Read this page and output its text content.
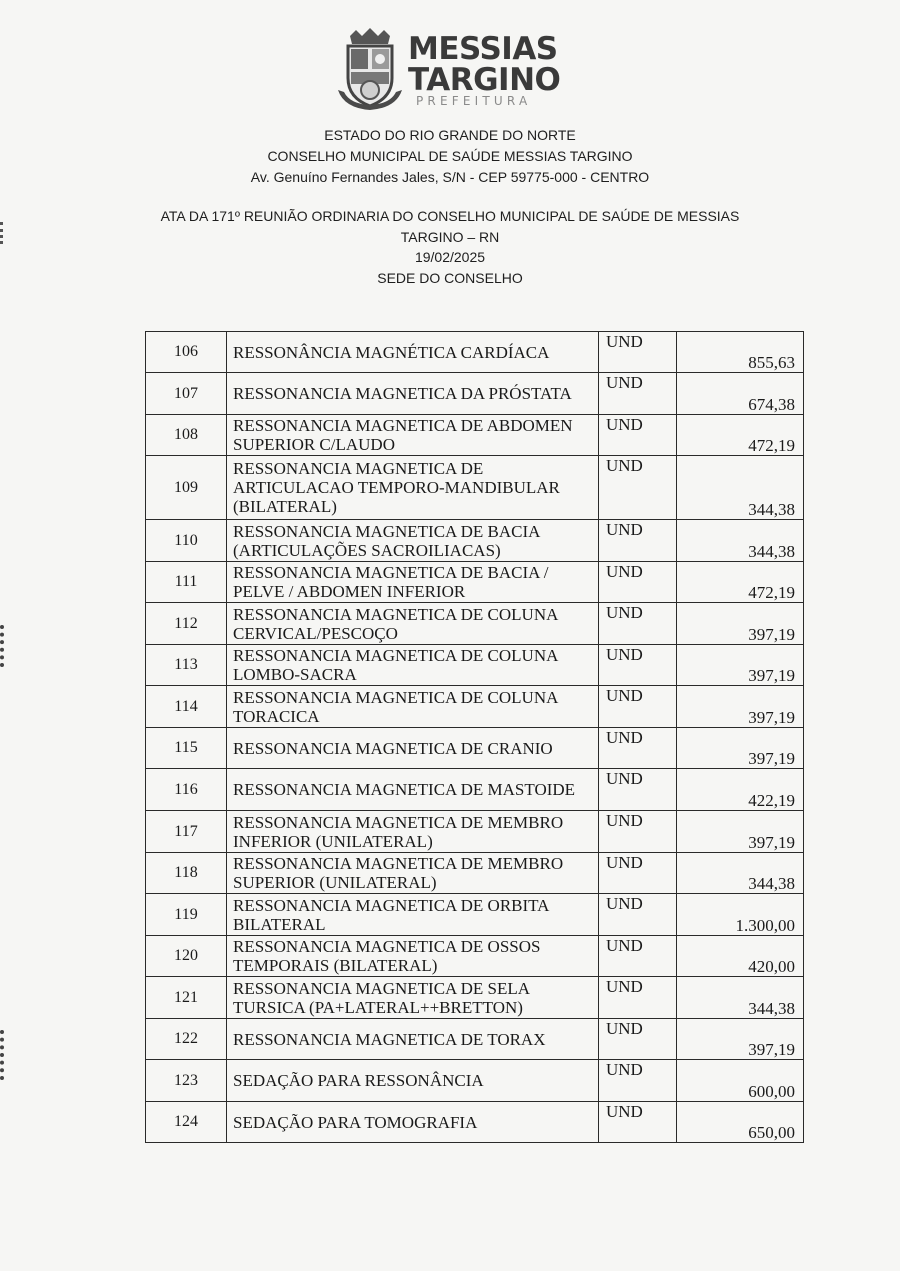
MESSIAS
TARGINO
PREFEITURA
ESTADO DO RIO GRANDE DO NORTE
CONSELHO MUNICIPAL DE SAÚDE MESSIAS TARGINO
Av. Genuíno Fernandes Jales, S/N - CEP 59775-000 - CENTRO
ATA DA 171º REUNIÃO ORDINARIA DO CONSELHO MUNICIPAL DE SAÚDE DE MESSIAS
TARGINO – RN
19/02/2025
SEDE DO CONSELHO
106	RESSONÂNCIA MAGNÉTICA CARDÍACA	UND	855,63
107	RESSONANCIA MAGNETICA DA PRÓSTATA	UND	674,38
108	RESSONANCIA MAGNETICA DE ABDOMEN SUPERIOR C/LAUDO	UND	472,19
109	RESSONANCIA MAGNETICA DE ARTICULACAO TEMPORO-MANDIBULAR (BILATERAL)	UND	344,38
110	RESSONANCIA MAGNETICA DE BACIA (ARTICULAÇÕES SACROILIACAS)	UND	344,38
111	RESSONANCIA MAGNETICA DE BACIA / PELVE / ABDOMEN INFERIOR	UND	472,19
112	RESSONANCIA MAGNETICA DE COLUNA CERVICAL/PESCOÇO	UND	397,19
113	RESSONANCIA MAGNETICA DE COLUNA LOMBO-SACRA	UND	397,19
114	RESSONANCIA MAGNETICA DE COLUNA TORACICA	UND	397,19
115	RESSONANCIA MAGNETICA DE CRANIO	UND	397,19
116	RESSONANCIA MAGNETICA DE MASTOIDE	UND	422,19
117	RESSONANCIA MAGNETICA DE MEMBRO INFERIOR (UNILATERAL)	UND	397,19
118	RESSONANCIA MAGNETICA DE MEMBRO SUPERIOR (UNILATERAL)	UND	344,38
119	RESSONANCIA MAGNETICA DE ORBITA BILATERAL	UND	1.300,00
120	RESSONANCIA MAGNETICA DE OSSOS TEMPORAIS (BILATERAL)	UND	420,00
121	RESSONANCIA MAGNETICA DE SELA TURSICA (PA+LATERAL++BRETTON)	UND	344,38
122	RESSONANCIA MAGNETICA DE TORAX	UND	397,19
123	SEDAÇÃO PARA RESSONÂNCIA	UND	600,00
124	SEDAÇÃO PARA TOMOGRAFIA	UND	650,00
